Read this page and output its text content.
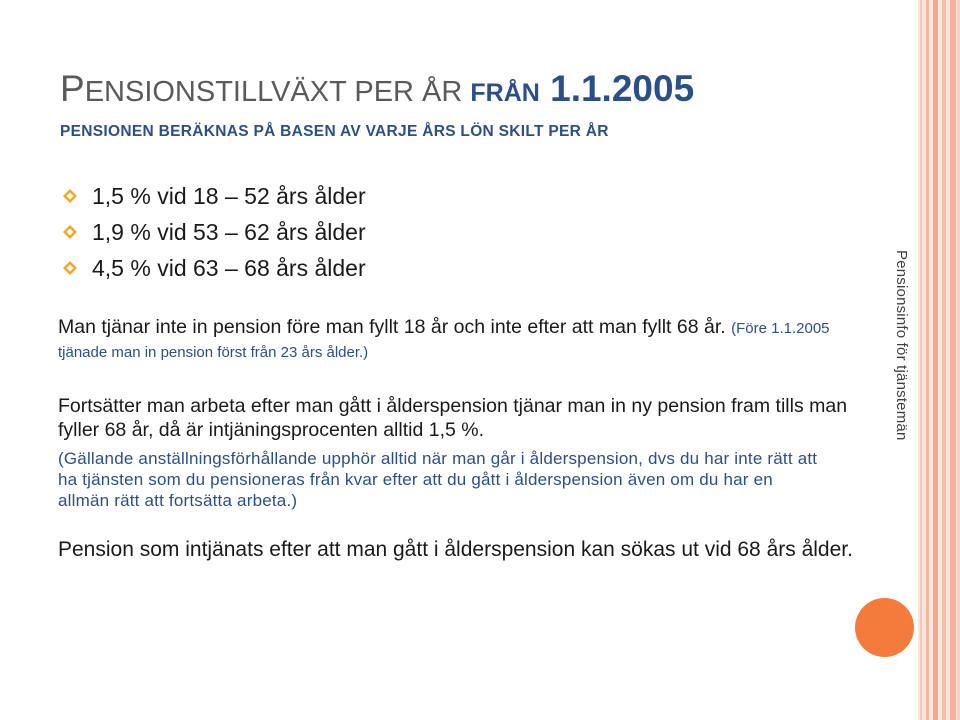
Pensionsinfo för tjänstemän
PENSIONSTILLVÄXT PER ÅR FRÅN 1.1.2005
PENSIONEN BERÄKNAS PÅ BASEN AV VARJE ÅRS LÖN SKILT PER ÅR
1,5 % vid 18 – 52 års ålder
1,9 % vid 53 – 62 års ålder
4,5 % vid 63 – 68 års ålder

Man tjänar inte in pension före man fyllt 18 år och inte efter att man fyllt 68 år. (Före 1.1.2005 tjänade man in pension först från 23 års ålder.)

Fortsätter man arbeta efter man gått i ålderspension tjänar man in ny pension fram tills man fyller 68 år, då är intjäningsprocenten alltid 1,5 %.

(Gällande anställningsförhållande upphör alltid när man går i ålderspension, dvs du har inte rätt att ha tjänsten som du pensioneras från kvar efter att du gått i ålderspension även om du har en allmän rätt att fortsätta arbeta.)

Pension som intjänats efter att man gått i ålderspension kan sökas ut vid 68 års ålder.
